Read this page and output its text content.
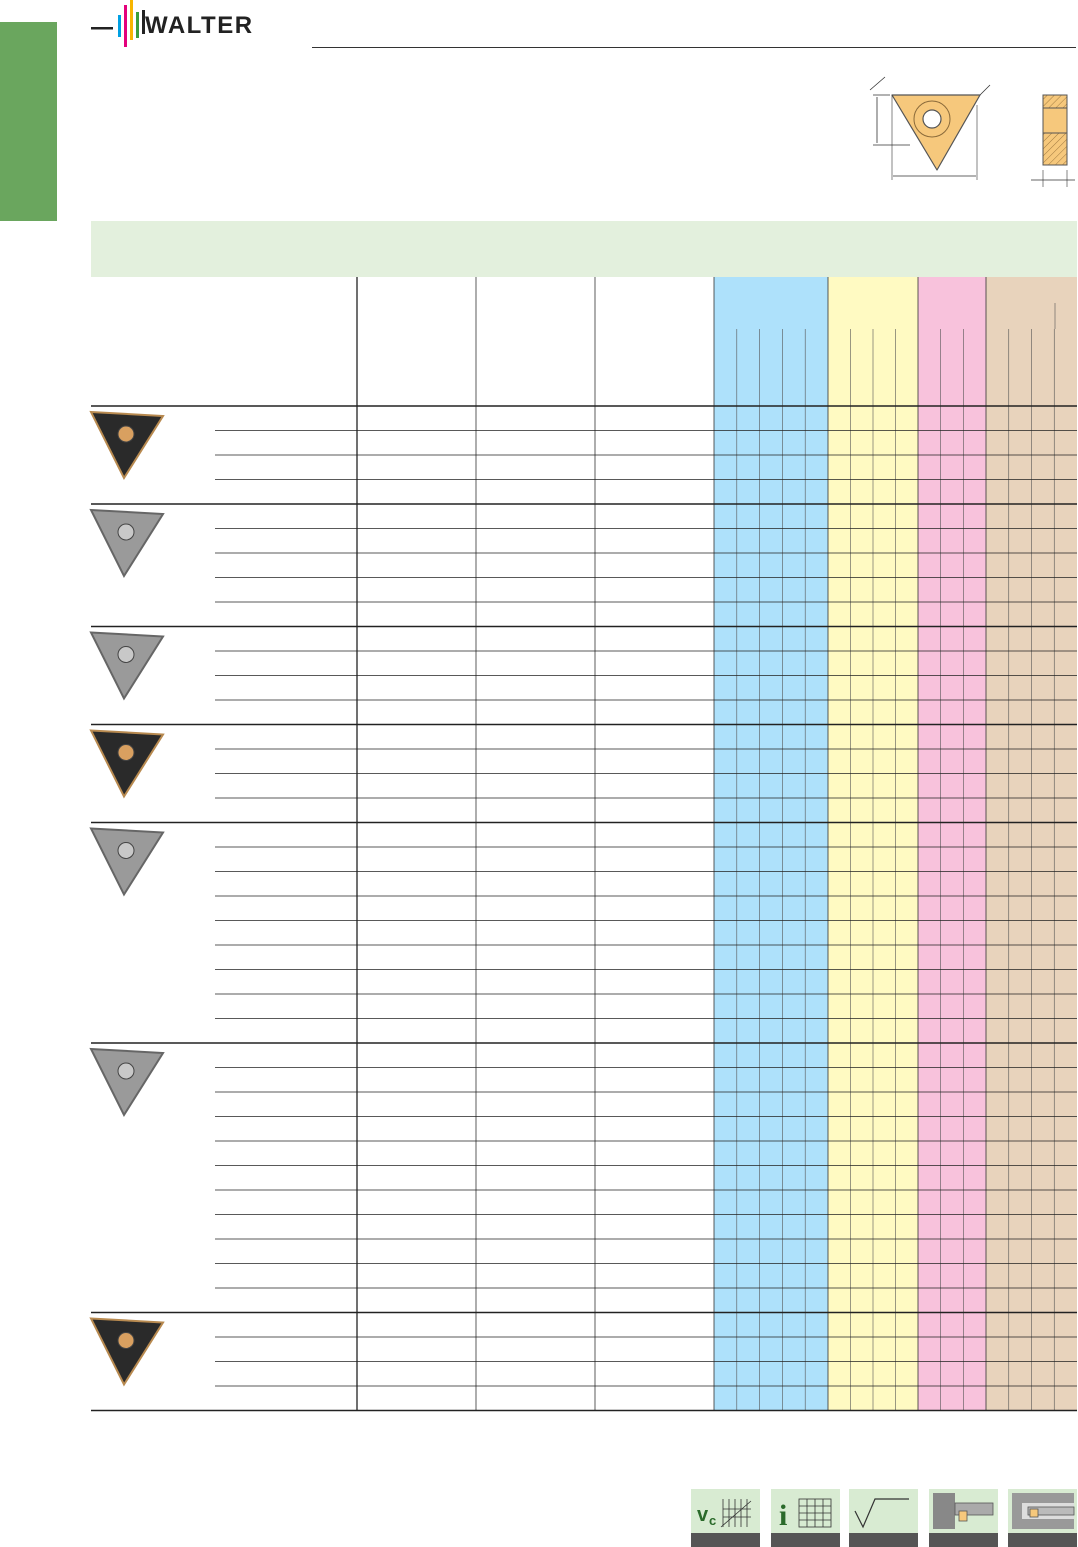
WALTER
v c i
